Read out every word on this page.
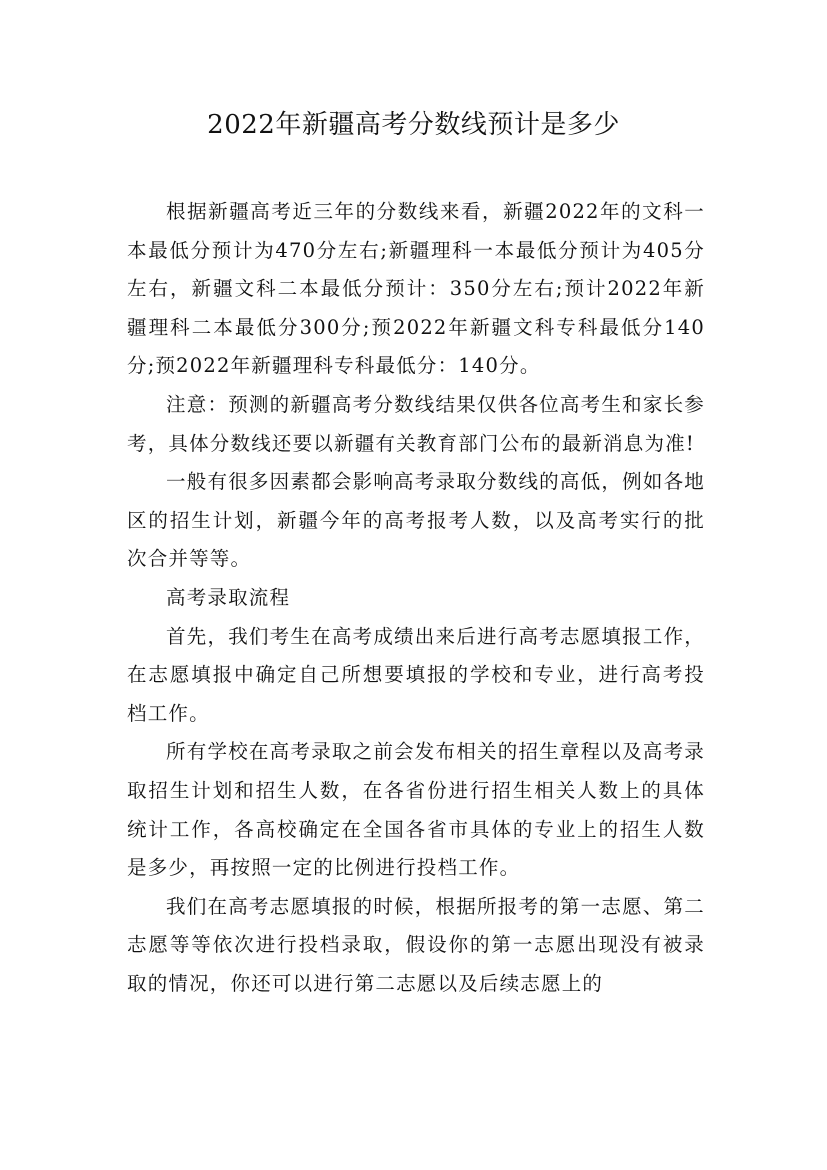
2022年新疆高考分数线预计是多少

根据新疆高考近三年的分数线来看，新疆2022年的文科一本最低分预计为470分左右;新疆理科一本最低分预计为405分左右，新疆文科二本最低分预计：350分左右;预计2022年新疆理科二本最低分300分;预2022年新疆文科专科最低分140分;预2022年新疆理科专科最低分：140分。

注意：预测的新疆高考分数线结果仅供各位高考生和家长参考，具体分数线还要以新疆有关教育部门公布的最新消息为准!

一般有很多因素都会影响高考录取分数线的高低，例如各地区的招生计划，新疆今年的高考报考人数，以及高考实行的批次合并等等。

高考录取流程

首先，我们考生在高考成绩出来后进行高考志愿填报工作，在志愿填报中确定自己所想要填报的学校和专业，进行高考投档工作。

所有学校在高考录取之前会发布相关的招生章程以及高考录取招生计划和招生人数，在各省份进行招生相关人数上的具体统计工作，各高校确定在全国各省市具体的专业上的招生人数是多少，再按照一定的比例进行投档工作。

我们在高考志愿填报的时候，根据所报考的第一志愿、第二志愿等等依次进行投档录取，假设你的第一志愿出现没有被录取的情况，你还可以进行第二志愿以及后续志愿上的
